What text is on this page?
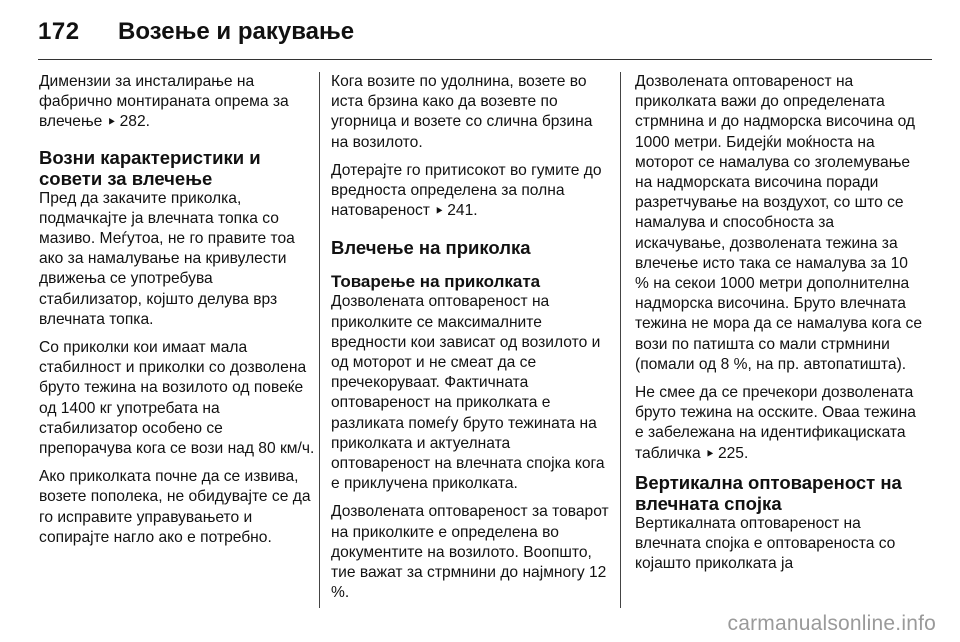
172 Возење и ракување

Димензии за инсталирање на фабрично монтираната опрема за влечење ⯈ 282.

Возни карактеристики и совети за влечење

Пред да закачите приколка, подмачкајте ја влечната топка со мазиво. Меѓутоа, не го правите тоа ако за намалување на кривулести движења се употребува стабилизатор, којшто делува врз влечната топка.

Со приколки кои имаат мала стабилност и приколки со дозволена бруто тежина на возилото од повеќе од 1400 кг употребата на стабилизатор особено се препорачува кога се вози над 80 км/ч.

Ако приколката почне да се извива, возете пополека, не обидувајте се да го исправите управувањето и сопирајте нагло ако е потребно.

Кога возите по удолнина, возете во иста брзина како да возевте по угорница и возете со слична брзина на возилото.

Дотерајте го притисокот во гумите до вредноста определена за полна натовареност ⯈ 241.

Влечење на приколка
Товарење на приколката

Дозволената оптовареност на приколките се максималните вредности кои зависат од возилото и од моторот и не смеат да се пречекоруваат. Фактичната оптовареност на приколката е разликата помеѓу бруто тежината на приколката и актуелната оптовареност на влечната спојка кога е приклучена приколката.

Дозволената оптовареност за товарот на приколките е определена во документите на возилото. Воопшто, тие важат за стрмнини до најмногу 12 %.

Дозволената оптовареност на приколката важи до определената стрмнина и до надморска височина од 1000 метри. Бидејќи моќноста на моторот се намалува со зголемување на надморската височина поради разретчување на воздухот, со што се намалува и способноста за искачување, дозволената тежина за влечење исто така се намалува за 10 % на секои 1000 метри дополнителна надморска височина. Бруто влечната тежина не мора да се намалува кога се вози по патишта со мали стрмнини (помали од 8 %, на пр. автопатишта).

Не смее да се пречекори дозволената бруто тежина на осските. Оваа тежина е забележана на идентификациската табличка ⯈ 225.

Вертикална оптовареност на влечната спојка

Вертикалната оптовареност на влечната спојка е оптовареноста со којашто приколката ја

carmanualsonline.info
